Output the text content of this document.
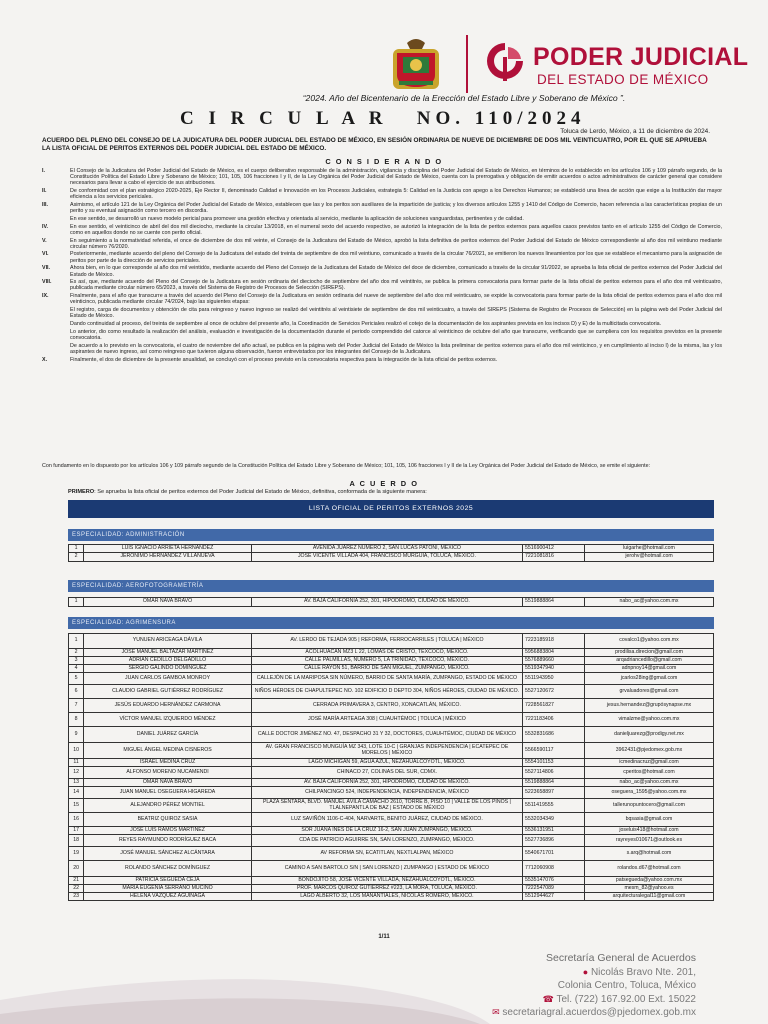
PODER JUDICIAL
DEL ESTADO DE MÉXICO
“2024. Año del Bicentenario de la Erección del Estado Libre y Soberano de México ”.
C I R C U L A R   NO. 110/2024
Toluca de Lerdo, México, a 11 de diciembre de 2024.
ACUERDO DEL PLENO DEL CONSEJO DE LA JUDICATURA DEL PODER JUDICIAL DEL ESTADO DE MÉXICO, EN SESIÓN ORDINARIA DE NUEVE DE DICIEMBRE DE DOS MIL VEINTICUATRO, POR EL QUE SE APRUEBA LA LISTA OFICIAL DE PERITOS EXTERNOS DEL PODER JUDICIAL DEL ESTADO DE MÉXICO.
C O N S I D E R A N D O
I.	El Consejo de la Judicatura del Poder Judicial del Estado de México, es el cuerpo deliberativo responsable de la administración, vigilancia y disciplina del Poder Judicial del Estado de México, en términos de lo establecido en los artículos 106 y 109 párrafo segundo, de la Constitución Política del Estado Libre y Soberano de México; 101, 105, 106 fracciones I y II, de la Ley Orgánica del Poder Judicial del Estado de México, cuenta con la prerrogativa y obligación de emitir acuerdos o actos administrativos de carácter general que considere necesarios para llevar a cabo el ejercicio de sus atribuciones.
II.	De conformidad con el plan estratégico 2020-2025, Eje Rector II, denominado Calidad e Innovación en los Procesos Judiciales, estrategia 5: Calidad en la Justicia con apego a los Derechos Humanos; se estableció una línea de acción que exige a la Institución dar mayor eficiencia a los servicios periciales.
III.	Asimismo, el artículo 121 de la Ley Orgánica del Poder Judicial del Estado de México, establecen que las y los peritos son auxiliares de la impartición de justicia; y los diversos artículos 1255 y 1410 del Código de Comercio, hacen referencia a las características propias de un perito y su eventual asignación como tercero en discordia.
En ese sentido, se desarrolló un nuevo modelo pericial para promover una gestión efectiva y orientada al servicio, mediante la aplicación de soluciones vanguardistas, pertinentes y de calidad.
IV.	En ese sentido, el veinticinco de abril del dos mil dieciocho, mediante la circular 13/2018, en el numeral sexto del acuerdo respectivo, se autorizó la integración de la lista de peritos externos para aquellos casos previstos tanto en el artículo 1255 del Código de Comercio, como en aquellos donde no se cuente con perito oficial.
V.	En seguimiento a la normatividad referida, el once de diciembre de dos mil veinte, el Consejo de la Judicatura del Estado de México, aprobó la lista definitiva de peritos externos del Poder Judicial del Estado de México correspondiente al año dos mil veintiuno mediante circular número 76/2020.
VI.	Posteriormente, mediante acuerdo del pleno del Consejo de la Judicatura del estado del treinta de septiembre de dos mil veintiuno, comunicado a través de la circular 76/2021, se emitieron los nuevos lineamientos por los que se establece el mecanismo para la asignación de peritos por parte de la dirección de servicios periciales.
VII.	Ahora bien, en lo que corresponde al año dos mil veintidós, mediante acuerdo del Pleno del Consejo de la Judicatura del Estado de México del doce de diciembre, comunicado a través de la circular 91/2022, se aprueba la lista oficial de peritos externos del Poder Judicial del Estado de México.
VIII.	Es así, que, mediante acuerdo del Pleno del Consejo de la Judicatura en sesión ordinaria del dieciocho de septiembre del año dos mil veintitrés, se publica la primera convocatoria para formar parte de la lista oficial de peritos externos para el año dos mil veinticuatro, publicada mediante circular número 65/2023, a través del Sistema de Registro de Procesos de Selección (SIREPS).
IX.	Finalmente, para el año que transcurre a través del acuerdo del Pleno del Consejo de la Judicatura en sesión ordinaria del nueve de septiembre del año dos mil veinticuatro, se expide la convocatoria para formar parte de la lista oficial de peritos externos para el año dos mil veinticinco, publicada mediante circular 74/2024, bajo las siguientes etapas:
El registro, carga de documentos y obtención de cita para reingreso y nuevo ingreso se realizó del veintitrés al veintisiete de septiembre de dos mil veinticuatro, a través del SIREPS (Sistema de Registro de Procesos de Selección) en la página web del Poder Judicial del Estado de México.
Dando continuidad al proceso, del treinta de septiembre al once de octubre del presente año, la Coordinación de Servicios Periciales realizó el cotejo de la documentación de los aspirantes prevista en los incisos D) y E) de la multicitada convocatoria.
Lo anterior, dio como resultado la realización del análisis, evaluación e investigación de la documentación durante el periodo comprendido del catorce al veinticinco de octubre del año que transcurre, verificando que se cumpliera con los requisitos previstos en la presente convocatoria.
De acuerdo a lo previsto en la convocatoria, el cuatro de noviembre del año actual, se publica en la página web del Poder Judicial del Estado de México la lista preliminar de peritos externos para el año dos mil veinticinco, y en cumplimiento al inciso I) de la misma, las y los aspirantes de nuevo ingreso, así como reingreso que tuvieron alguna observación, fueron entrevistados por los integrantes del Consejo de la Judicatura.
X.	Finalmente, el dos de diciembre de la presente anualidad, se concluyó con el proceso previsto en la convocatoria respectiva para la integración de la lista oficial de peritos externos.
Con fundamento en lo dispuesto por los artículos 106 y 109 párrafo segundo de la Constitución Política del Estado Libre y Soberano de México; 101, 105, 106 fracciones I y II de la Ley Orgánica del Poder Judicial del Estado de México, se emite el siguiente:
A C U E R D O
PRIMERO: Se aprueba la lista oficial de peritos externos del Poder Judicial del Estado de México, definitiva, conformada de la siguiente manera:
LISTA OFICIAL DE PERITOS EXTERNOS 2025
ESPECIALIDAD: ADMINISTRACIÓN
1	LUIS IGNACIO ARRIETA HERNÁNDEZ	AVENIDA JUÁREZ NÚMERO 2, SAN LUCAS PATONI, MÉXICO	5516900412	luigarhe@hotmail.com
2	JERÓNIMO HERNÁNDEZ VILLANUEVA	JOSÉ VICENTE VILLADA 404, FRANCISCO MURGUÍA, TOLUCA, MÉXICO.	7221081816	jerohv@hotmail.com
ESPECIALIDAD: AEROFOTOGRAMETRÍA
1	OMAR NAVA BRAVO	AV. BAJA CALIFORNIA 252, 301, HIPÓDROMO, CIUDAD DE MÉXICO.	5519888864	nabo_ac@yahoo.com.mx
ESPECIALIDAD: AGRIMENSURA
1	YUNUEN ARICEAGA DÁVILA	AV. LERDO DE TEJADA 905 | REFORMA, FERROCARRILES | TOLUCA | MÉXICO	7223185918	covalco1@yahoo.com.mx
2	JOSÉ MANUEL BALTAZAR MARTÍNEZ	ACOLHUACAN MZ3 L 22, LOMAS DE CRISTO, TEXCOCO, MÉXICO.	5956883804	prodilisa.direcion@gmail.com
3	ADRIÁN CEDILLO DELGADILLO	CALLE PALMILLAS, NÚMERO 5, LA TRINIDAD, TEXCOCO, MÉXICO.	5576889660	arqadriancedillo@gmail.com
4	SERGIO GALINDO DOMÍNGUEZ	CALLE RAYÓN 51, BARRIO DE SAN MIGUEL, ZUMPANGO, MÉXICO.	5519347940	adnpnoy14@gmail.com
5	JUAN CARLOS GAMBOA MONROY	CALLEJÓN DE LA MARIPOSA SIN NÚMERO, BARRIO DE SANTA MARÍA, ZUMPANGO, ESTADO DE MÉXICO	5511943950	jcarlos28ing@gmail.com
6	CLAUDIO GABRIEL GUTIÉRREZ RODRÍGUEZ	NIÑOS HÉROES DE CHAPULTEPEC NO. 102 EDIFICIO D DEPTO 304, NIÑOS HÉROES, CIUDAD DE MÉXICO.	5527120672	grvaluadores@gmail.com
7	JESÚS EDUARDO HERNÁNDEZ CARMONA	CERRADA PRIMAVERA 3, CENTRO, XONACATLÁN, MÉXICO.	7228561827	jesus.hernandez@grupósynapse.mx
8	VÍCTOR MANUEL IZQUIERDO MÉNDEZ	JOSÉ MARÍA ARTEAGA 308 | CUAUHTÉMOC | TOLUCA | MÉXICO	7221183406	vimalzme@yahoo.com.mx
9	DANIEL JUÁREZ GARCÍA	CALLE DOCTOR JIMÉNEZ NO. 47, DESPACHO 31 Y 32, DOCTORES, CUAUHTÉMOC, CIUDAD DE MÉXICO	5532831686	danieljuarezg@prodigy.net.mx
10	MIGUEL ÁNGEL MEDINA CISNEROS	AV. GRAN FRANCISCO MUNGUÍA MZ 343, LOTE 10-C | GRANJAS INDEPENDENCIA | ECATEPEC DE MORELOS | MÉXICO	5566590117	3962431@pjedomex.gob.mx
11	ISRAEL MEDINA CRUZ	LAGO MICHIGAN 59, AGUA AZUL, NEZAHUALCÓYOTL, MÉXICO.	5554101153	icmedinacruz@gmail.com
12	ALFONSO MORENO NUCAMENDI	CHINACO 27, COLINAS DEL SUR, CDMX.	5527114806	cperitos@hotmail.com
13	OMAR NAVA BRAVO	AV. BAJA CALIFORNIA 252, 301, HIPÓDROMO, CIUDAD DE MÉXICO.	5519888864	nabo_ac@yahoo.com.mx
14	JUAN MANUEL OSEGUERA HIGAREDA	CHILPANCINGO 524, INDEPENDENCIA, INDEPENDENCIA, MÉXICO	5223658897	oseguera_1595@yahoo.com.mx
15	ALEJANDRO PÉREZ MONTIEL	PLAZA SENTARA, BLVD. MANUEL ÁVILA CAMACHO 2610, TORRE B, PISO 10 | VALLE DE LOS PINOS | TLALNEPANTLA DE BAZ | ESTADO DE MÉXICO	5511419555	tallerunopuntocero@gmail.com
16	BEATRIZ QUIROZ SASIA	LUZ SAVIÑÓN 1106-C-404, NARVARTE, BENITO JUÁREZ, CIUDAD DE MÉXICO.	5532034349	bqsasia@gmail.com
17	JOSÉ LUIS RAMOS MARTÍNEZ	SOR JUANA INÉS DE LA CRUZ 16-2, SAN JUAN ZUMPANGO, MÉXICO.	5536131951	joseluis418@hotmail.com
18	REYES RAYMUNDO RODRÍGUEZ BACA	CDA DE PATRICIO AGUIRRE SN, SAN LORENZO, ZUMPANGO, MÉXICO.	5527736896	rayreyes010671@outlook.es
19	JOSÉ MANUEL SÁNCHEZ ALCÁNTARA	AV REFORMA SN, ECATITLAN, NEXTLALPAN, MÉXICO	5540671701	s.arq@hotmail.com
20	ROLANDO SÁNCHEZ DOMÍNGUEZ	CAMINO A SAN BARTOLO S/N | SAN LORENZO | ZUMPANGO | ESTADO DE MÉXICO	7712060908	rolandos.d67@hotmail.com
21	PATRICIA SEGUEDA CEJA	BONDOJITO 58, JOSÉ VICENTE VILLADA, NEZAHUALCÓYOTL, MÉXICO.	5535147076	patsegueda@yahoo.com.mx
22	MARÍA EUGENIA SERRANO MUCIÑO	PROF. MARCOS QUIROZ GUTIERREZ #223, LA MORA, TOLUCA, MÉXICO.	7222547089	mesm_82@yahoo.es
23	HELENA VÁZQUEZ AGUIÑAGA	LAGO ALBERTO 32, LOS MANANTIALES, NICOLÁS ROMERO, MÉXICO.	5512944627	arquitecturalegal11@gmail.com
1/11
Secretaría General de Acuerdos
● Nicolás Bravo Nte. 201,
Colonia Centro, Toluca, México
☎ Tel. (722) 167.92.00 Ext. 15022
✉ secretariagral.acuerdos@pjedomex.gob.mx
